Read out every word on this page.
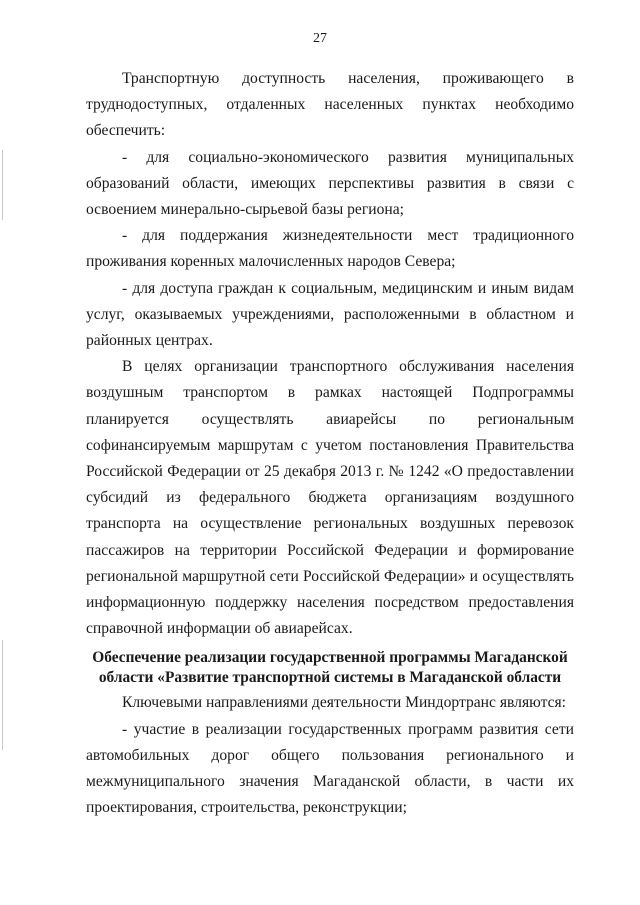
27

Транспортную доступность населения, проживающего в труднодоступных, отдаленных населенных пунктах необходимо обеспечить:

- для социально-экономического развития муниципальных образований области, имеющих перспективы развития в связи с освоением минерально-сырьевой базы региона;

- для поддержания жизнедеятельности мест традиционного проживания коренных малочисленных народов Севера;

- для доступа граждан к социальным, медицинским и иным видам услуг, оказываемых учреждениями, расположенными в областном и районных центрах.

В целях организации транспортного обслуживания населения воздушным транспортом в рамках настоящей Подпрограммы планируется осуществлять авиарейсы по региональным софинансируемым маршрутам с учетом постановления Правительства Российской Федерации от 25 декабря 2013 г. № 1242 «О предоставлении субсидий из федерального бюджета организациям воздушного транспорта на осуществление региональных воздушных перевозок пассажиров на территории Российской Федерации и формирование региональной маршрутной сети Российской Федерации» и осуществлять информационную поддержку населения посредством предоставления справочной информации об авиарейсах.

Обеспечение реализации государственной программы Магаданской области «Развитие транспортной системы в Магаданской области

Ключевыми направлениями деятельности Миндортранс являются:

- участие в реализации государственных программ развития сети автомобильных дорог общего пользования регионального и межмуниципального значения Магаданской области, в части их проектирования, строительства, реконструкции;
